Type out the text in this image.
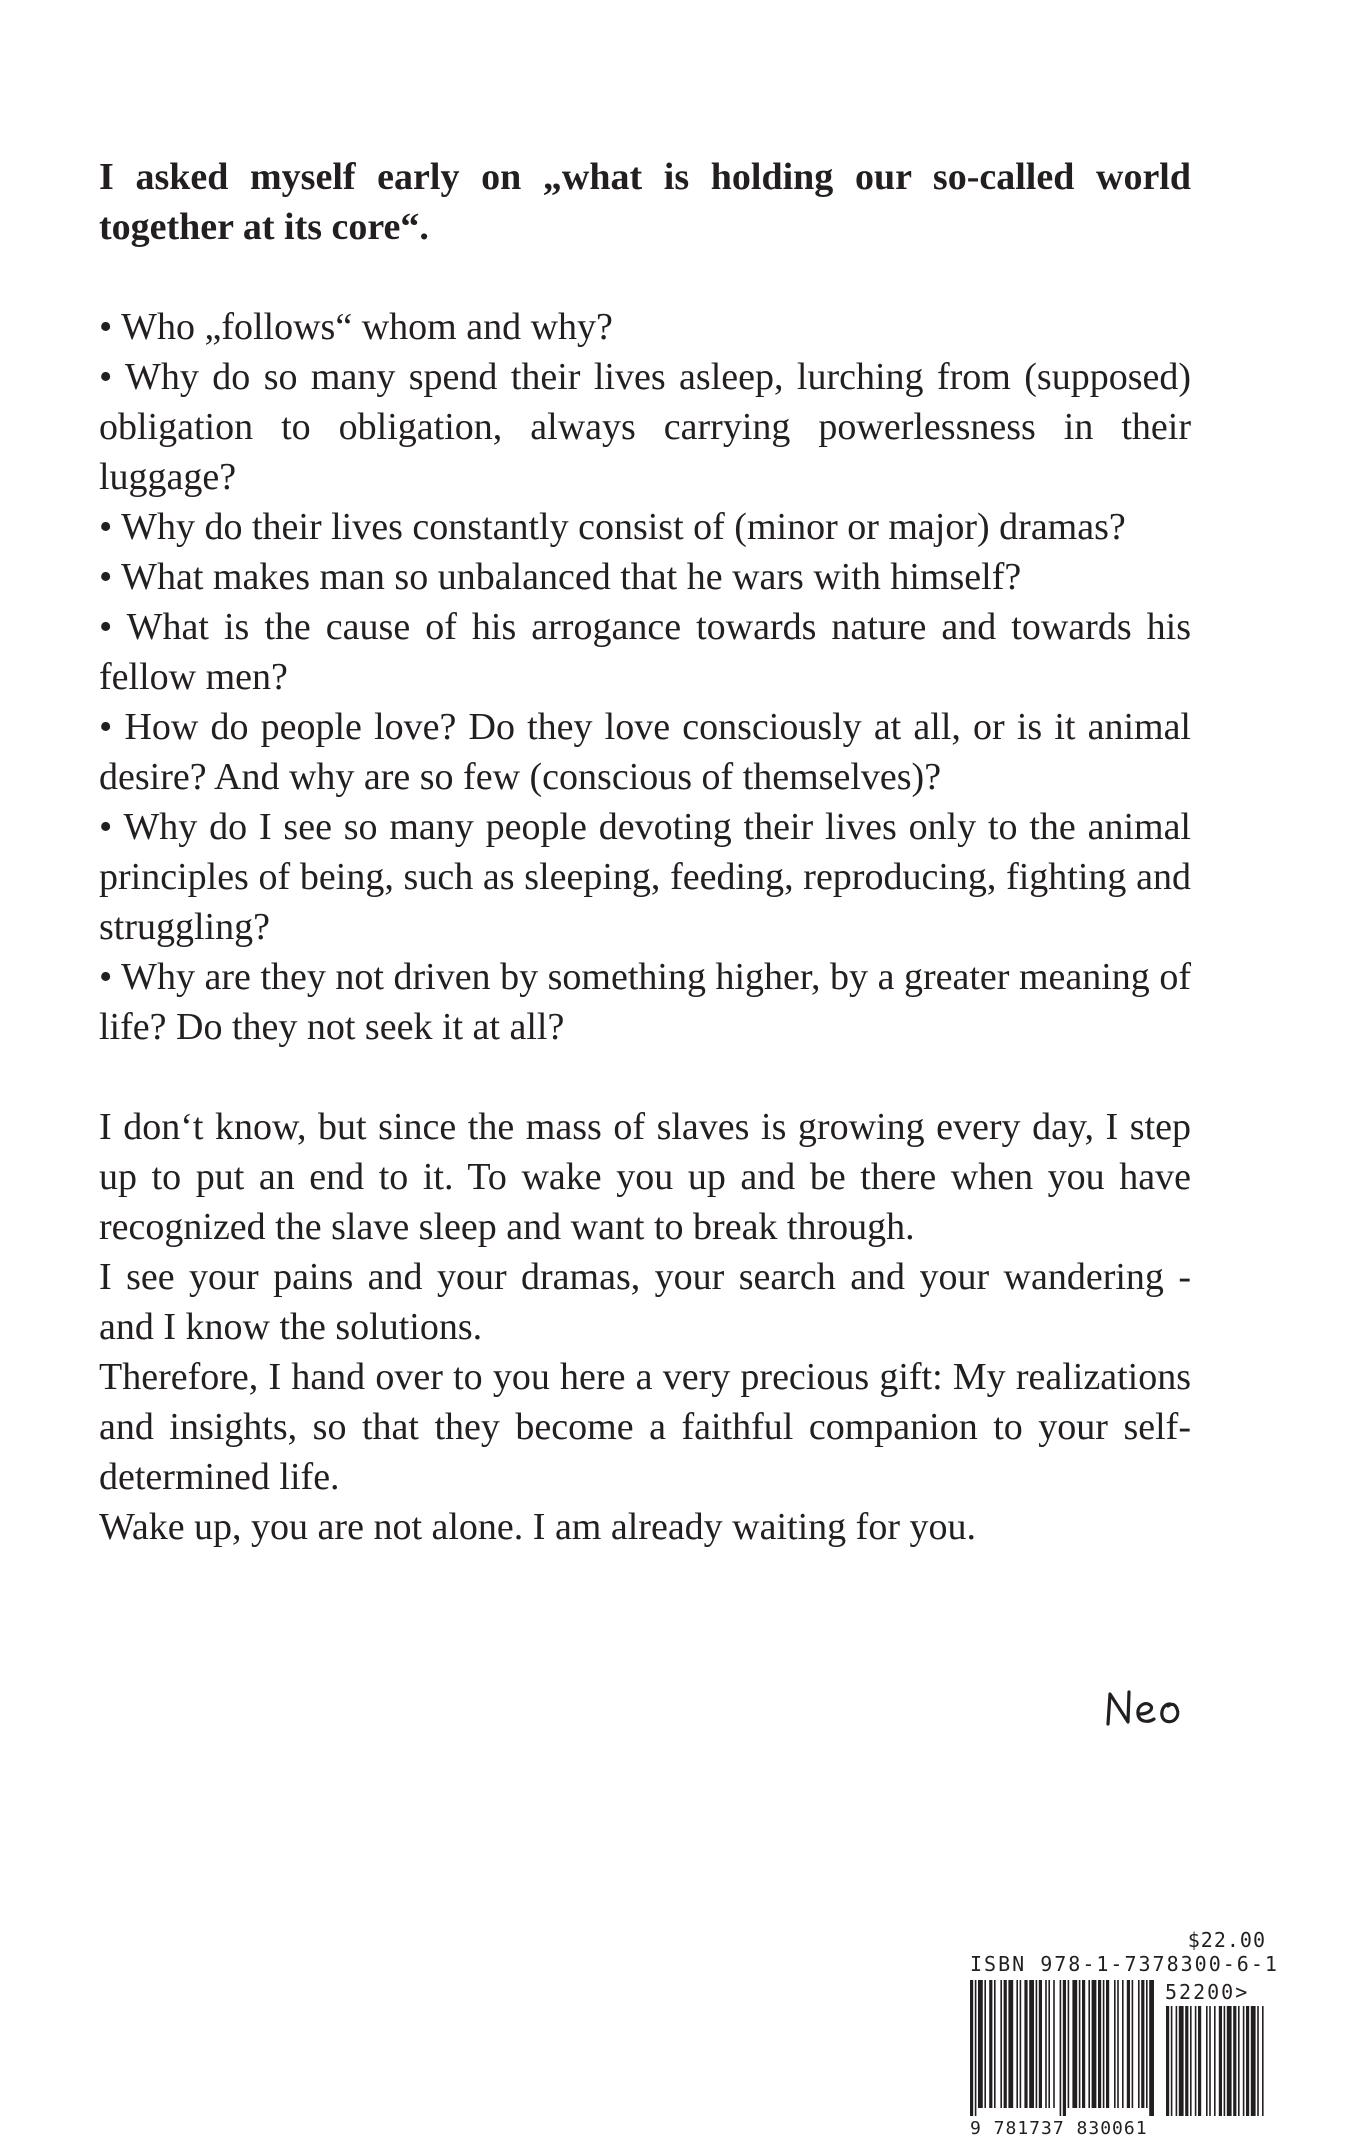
I asked myself early on „what is holding our so-called world together at its core“.

• Who „follows“ whom and why?
• Why do so many spend their lives asleep, lurching from (supposed) obligation to obligation, always carrying powerlessness in their luggage?
• Why do their lives constantly consist of (minor or major) dramas?
• What makes man so unbalanced that he wars with himself?
• What is the cause of his arrogance towards nature and towards his fellow men?
• How do people love? Do they love consciously at all, or is it animal desire? And why are so few (conscious of themselves)?
• Why do I see so many people devoting their lives only to the animal principles of being, such as sleeping, feeding, reproducing, fighting and struggling?
• Why are they not driven by something higher, by a greater meaning of life? Do they not seek it at all?

I don‘t know, but since the mass of slaves is growing every day, I step up to put an end to it. To wake you up and be there when you have recognized the slave sleep and want to break through.

I see your pains and your dramas, your search and your wandering - and I know the solutions.

Therefore, I hand over to you here a very precious gift: My realizations and insights, so that they become a faithful companion to your self-determined life.

Wake up, you are not alone. I am already waiting for you.

$22.00
ISBN 978-1-7378300-6-1
52200>
9 781737 830061
